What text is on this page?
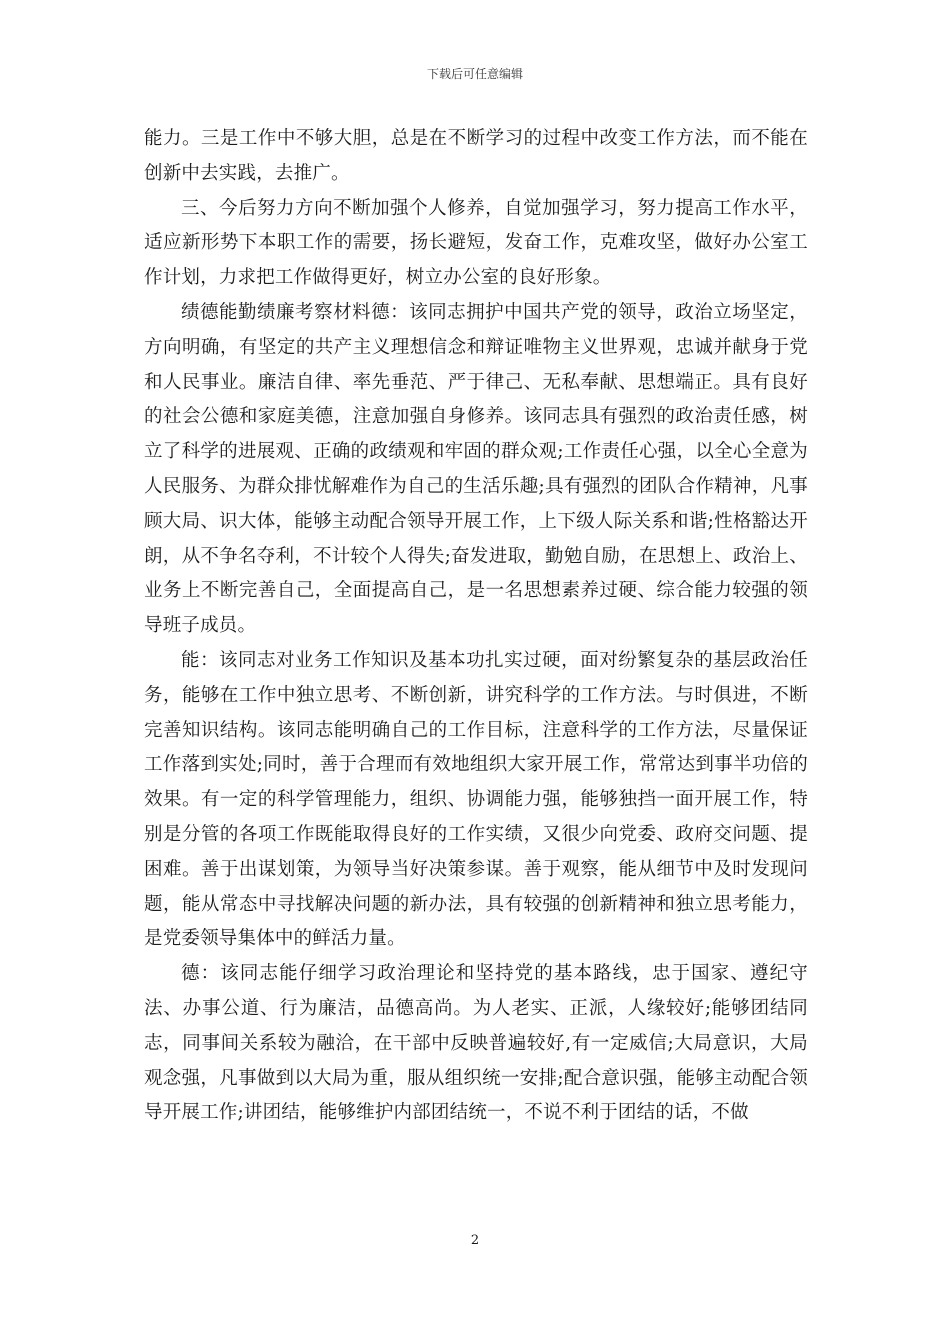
下载后可任意编辑

能力。三是工作中不够大胆，总是在不断学习的过程中改变工作方法，而不能在创新中去实践，去推广。

三、今后努力方向不断加强个人修养，自觉加强学习，努力提高工作水平，适应新形势下本职工作的需要，扬长避短，发奋工作，克难攻坚，做好办公室工作计划，力求把工作做得更好，树立办公室的良好形象。

绩德能勤绩廉考察材料德：该同志拥护中国共产党的领导，政治立场坚定，方向明确，有坚定的共产主义理想信念和辩证唯物主义世界观，忠诚并献身于党和人民事业。廉洁自律、率先垂范、严于律己、无私奉献、思想端正。具有良好的社会公德和家庭美德，注意加强自身修养。该同志具有强烈的政治责任感，树立了科学的进展观、正确的政绩观和牢固的群众观;工作责任心强，以全心全意为人民服务、为群众排忧解难作为自己的生活乐趣;具有强烈的团队合作精神，凡事顾大局、识大体，能够主动配合领导开展工作，上下级人际关系和谐;性格豁达开朗，从不争名夺利，不计较个人得失;奋发进取，勤勉自励，在思想上、政治上、业务上不断完善自己，全面提高自己，是一名思想素养过硬、综合能力较强的领导班子成员。

能：该同志对业务工作知识及基本功扎实过硬，面对纷繁复杂的基层政治任务，能够在工作中独立思考、不断创新，讲究科学的工作方法。与时俱进，不断完善知识结构。该同志能明确自己的工作目标，注意科学的工作方法，尽量保证工作落到实处;同时，善于合理而有效地组织大家开展工作，常常达到事半功倍的效果。有一定的科学管理能力，组织、协调能力强，能够独挡一面开展工作，特别是分管的各项工作既能取得良好的工作实绩，又很少向党委、政府交问题、提困难。善于出谋划策，为领导当好决策参谋。善于观察，能从细节中及时发现问题，能从常态中寻找解决问题的新办法，具有较强的创新精神和独立思考能力，是党委领导集体中的鲜活力量。

德：该同志能仔细学习政治理论和坚持党的基本路线，忠于国家、遵纪守法、办事公道、行为廉洁，品德高尚。为人老实、正派，人缘较好;能够团结同志，同事间关系较为融洽，在干部中反映普遍较好,有一定威信;大局意识，大局观念强，凡事做到以大局为重，服从组织统一安排;配合意识强，能够主动配合领导开展工作;讲团结，能够维护内部团结统一，不说不利于团结的话，不做

2
